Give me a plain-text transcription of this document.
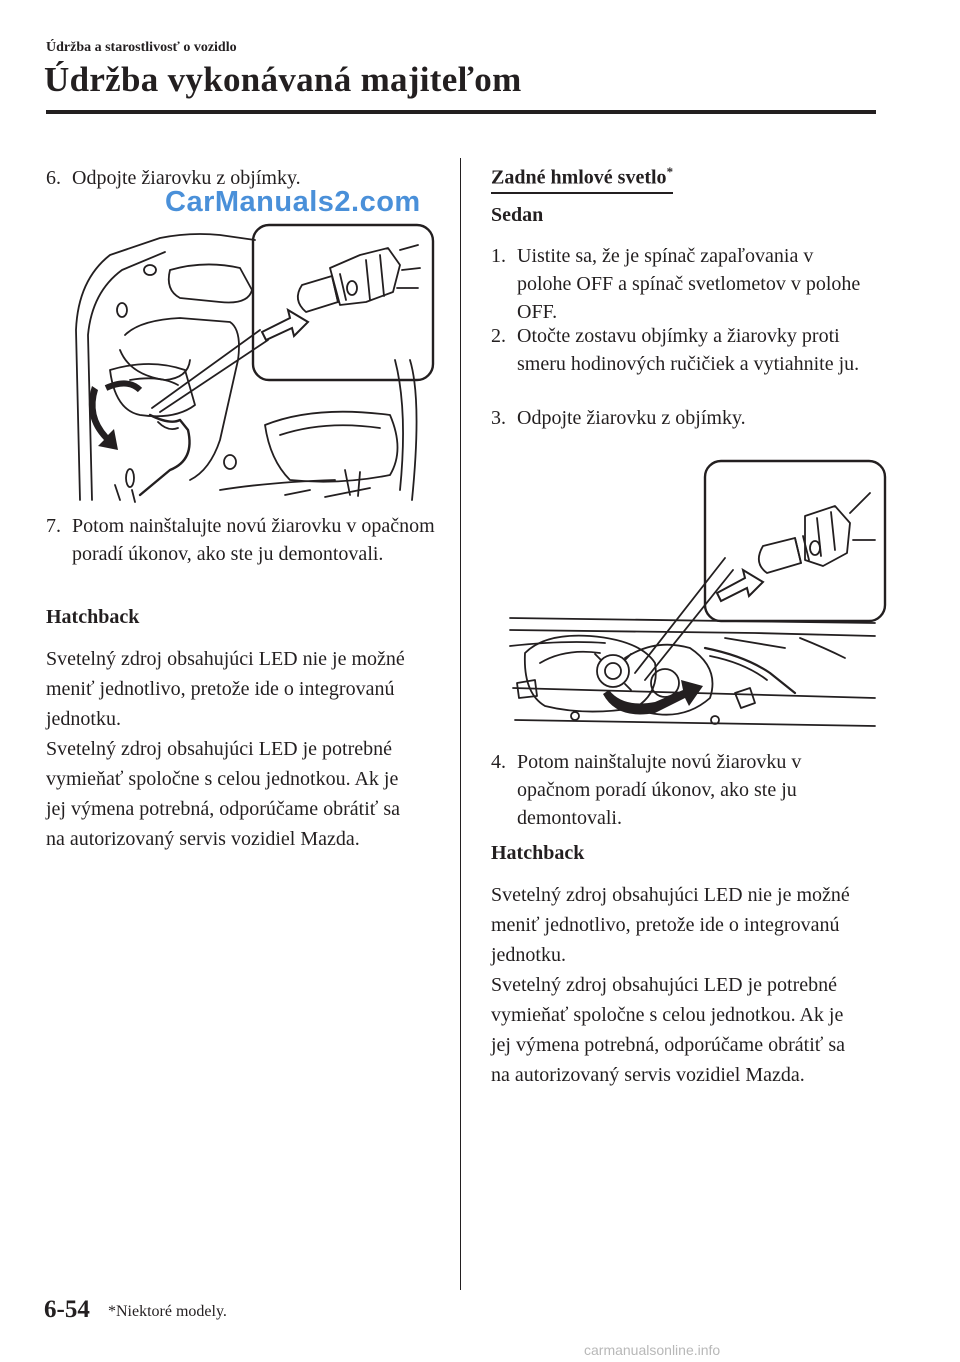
Údržba a starostlivosť o vozidlo
Údržba vykonávaná majiteľom
6. Odpojte žiarovku z objímky.
CarManuals2.com
7. Potom nainštalujte novú žiarovku v opačnom poradí úkonov, ako ste ju demontovali.
Hatchback
Svetelný zdroj obsahujúci LED nie je možné meniť jednotlivo, pretože ide o integrovanú jednotku.
Svetelný zdroj obsahujúci LED je potrebné vymieňať spoločne s celou jednotkou. Ak je jej výmena potrebná, odporúčame obrátiť sa na autorizovaný servis vozidiel Mazda.
Zadné hmlové svetlo*
Sedan
1. Uistite sa, že je spínač zapaľovania v polohe OFF a spínač svetlometov v polohe OFF.
2. Otočte zostavu objímky a žiarovky proti smeru hodinových ručičiek a vytiahnite ju.
3. Odpojte žiarovku z objímky.
4. Potom nainštalujte novú žiarovku v opačnom poradí úkonov, ako ste ju demontovali.
Hatchback
Svetelný zdroj obsahujúci LED nie je možné meniť jednotlivo, pretože ide o integrovanú jednotku.
Svetelný zdroj obsahujúci LED je potrebné vymieňať spoločne s celou jednotkou. Ak je jej výmena potrebná, odporúčame obrátiť sa na autorizovaný servis vozidiel Mazda.
6-54 *Niektoré modely.
carmanualsonline.info
